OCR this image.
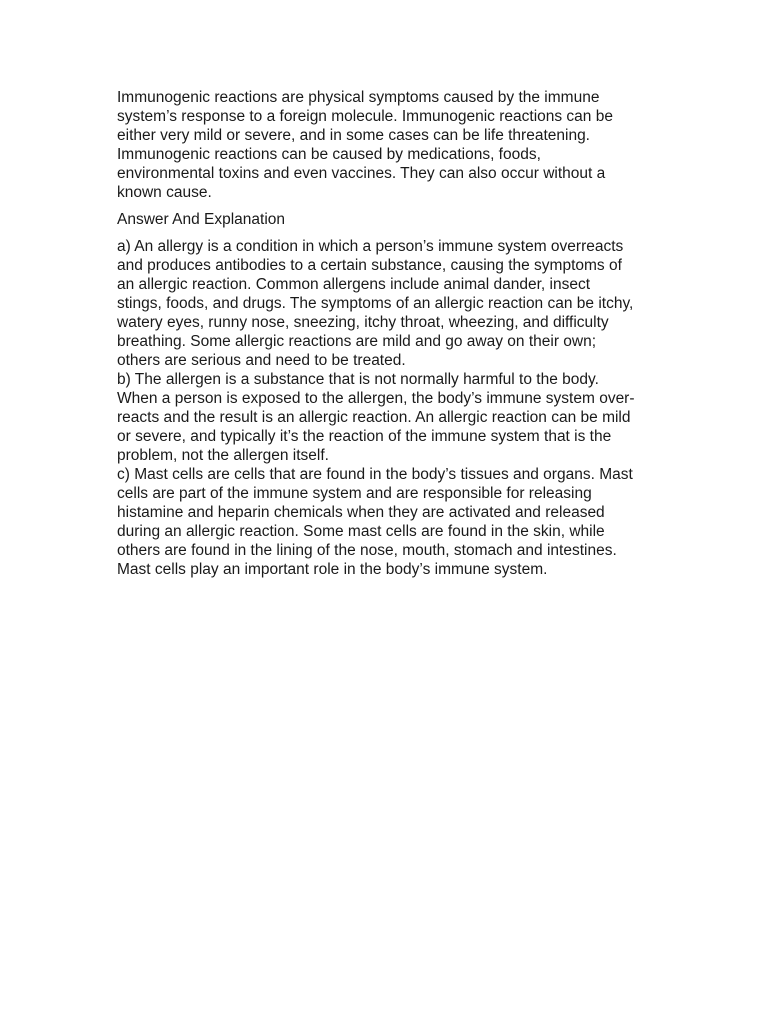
Immunogenic reactions are physical symptoms caused by the immune system’s response to a foreign molecule. Immunogenic reactions can be either very mild or severe, and in some cases can be life threatening. Immunogenic reactions can be caused by medications, foods, environmental toxins and even vaccines. They can also occur without a known cause.

Answer And Explanation

a) An allergy is a condition in which a person’s immune system overreacts and produces antibodies to a certain substance, causing the symptoms of an allergic reaction. Common allergens include animal dander, insect stings, foods, and drugs. The symptoms of an allergic reaction can be itchy, watery eyes, runny nose, sneezing, itchy throat, wheezing, and difficulty breathing. Some allergic reactions are mild and go away on their own; others are serious and need to be treated.

b) The allergen is a substance that is not normally harmful to the body. When a person is exposed to the allergen, the body’s immune system over-reacts and the result is an allergic reaction. An allergic reaction can be mild or severe, and typically it’s the reaction of the immune system that is the problem, not the allergen itself.

c) Mast cells are cells that are found in the body’s tissues and organs. Mast cells are part of the immune system and are responsible for releasing histamine and heparin chemicals when they are activated and released during an allergic reaction. Some mast cells are found in the skin, while others are found in the lining of the nose, mouth, stomach and intestines. Mast cells play an important role in the body’s immune system.
